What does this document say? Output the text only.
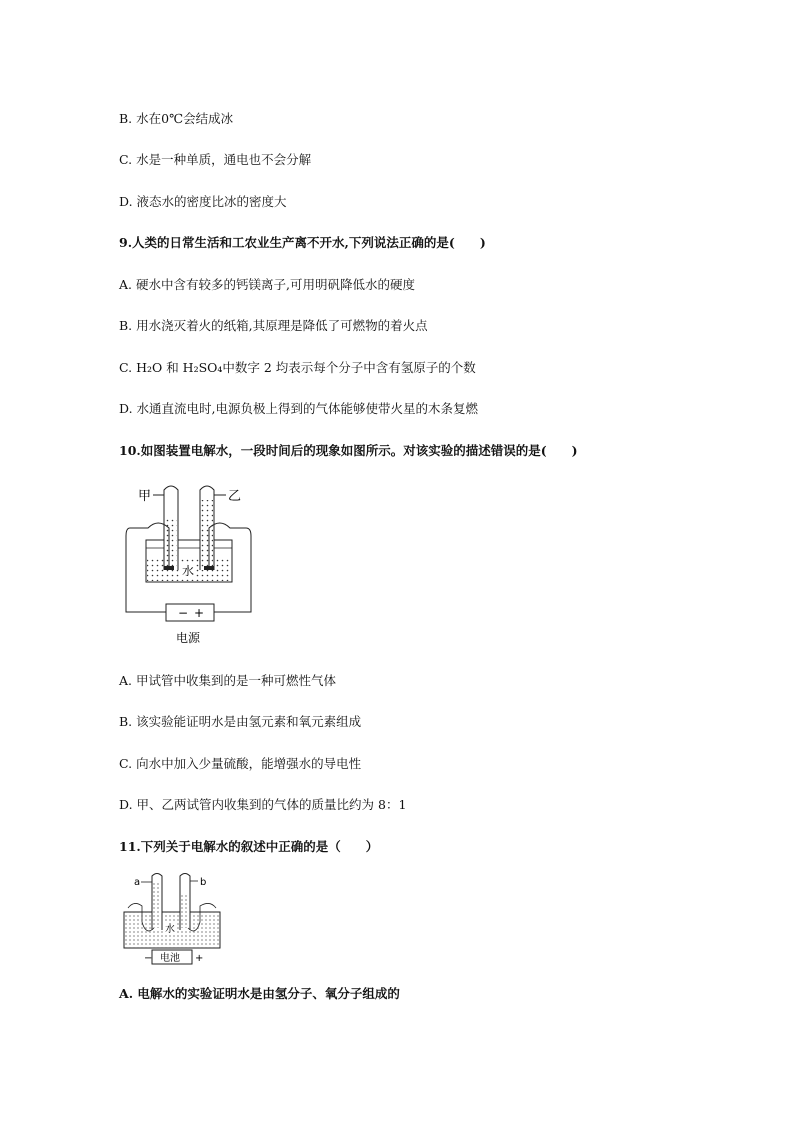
B. 水在0℃会结成冰
C. 水是一种单质，通电也不会分解
D. 液态水的密度比冰的密度大
9.人类的日常生活和工农业生产离不开水,下列说法正确的是(　　)
A. 硬水中含有较多的钙镁离子,可用明矾降低水的硬度
B. 用水浇灭着火的纸箱,其原理是降低了可燃物的着火点
C. H₂O 和 H₂SO₄中数字 2 均表示每个分子中含有氢原子的个数
D. 水通直流电时,电源负极上得到的气体能够使带火星的木条复燃
10.如图装置电解水，一段时间后的现象如图所示。对该实验的描述错误的是(　　)
甲	乙
水
− +
电源
A. 甲试管中收集到的是一种可燃性气体
B. 该实验能证明水是由氢元素和氧元素组成
C. 向水中加入少量硫酸，能增强水的导电性
D. 甲、乙两试管内收集到的气体的质量比约为 8：1
11.下列关于电解水的叙述中正确的是（　　）
a	b
水
电池
−	+
A. 电解水的实验证明水是由氢分子、氧分子组成的
